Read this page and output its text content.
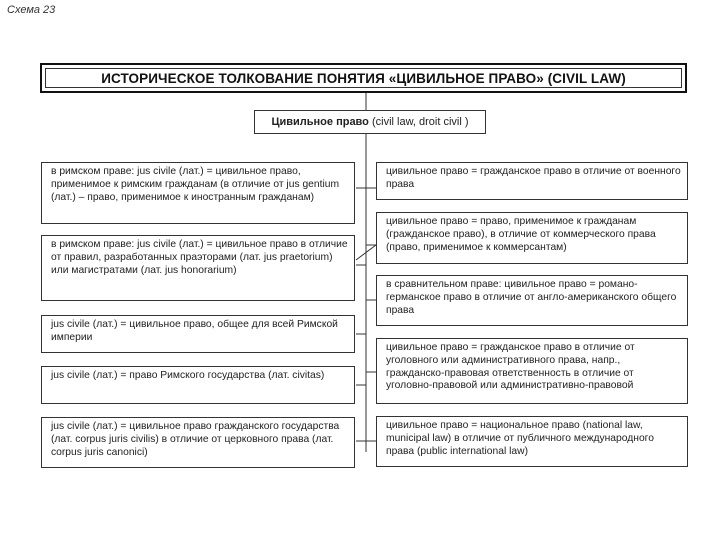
Схема 23
ИСТОРИЧЕСКОЕ ТОЛКОВАНИЕ ПОНЯТИЯ «ЦИВИЛЬНОЕ ПРАВО» (CIVIL LAW)
Цивильное право (civil law, droit civil )
в римском праве: jus civile (лат.) = цивильное право, применимое к римским гражданам (в отличие от jus gentium (лат.) – право, применимое к иностранным гражданам)
в римском праве: jus civile (лат.) = цивильное право в отличие от правил, разработанных праэторами (лат. jus praetorium) или магистратами (лат. jus honorarium)
jus civile (лат.) = цивильное право, общее для всей Римской империи
jus civile (лат.) = право Римского государства (лат. civitas)
jus civile (лат.) = цивильное право гражданского государства (лат. corpus juris civilis) в отличие от церковного права (лат. corpus juris canonici)
цивильное право = гражданское право в отличие от военного права
цивильное право = право, применимое к гражданам (гражданское право), в отличие от коммерческого права (право, применимое к коммерсантам)
в сравнительном праве: цивильное право = романо-германское право в отличие от англо-американского общего права
цивильное право = гражданское право в отличие от уголовного или административного права, напр., гражданско-правовая ответственность в отличие от уголовно-правовой или административно-правовой
цивильное право = национальное право (national law, municipal law) в отличие от публичного международного права (public international law)
